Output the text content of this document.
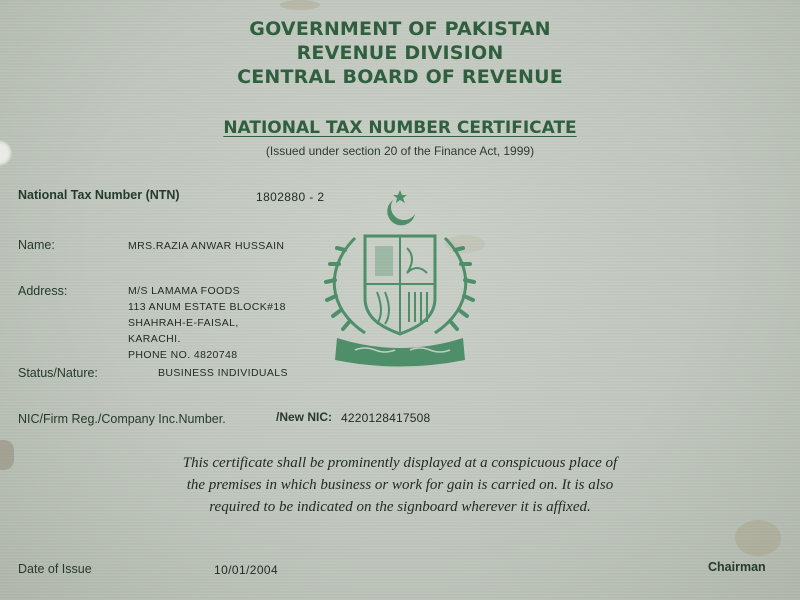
GOVERNMENT OF PAKISTAN
REVENUE DIVISION
CENTRAL BOARD OF REVENUE
NATIONAL TAX NUMBER CERTIFICATE
(Issued under section 20 of the Finance Act, 1999)
National Tax Number (NTN)	1802880 - 2
Name:	MRS.RAZIA ANWAR HUSSAIN
Address:	M/S LAMAMA FOODS
113 ANUM ESTATE BLOCK#18
SHAHRAH-E-FAISAL,
KARACHI.
PHONE NO. 4820748
Status/Nature:	BUSINESS INDIVIDUALS
NIC/Firm Reg./Company Inc.Number.	/New NIC: 4220128417508
This certificate shall be prominently displayed at a conspicuous place of
the premises in which business or work for gain is carried on. It is also
required to be indicated on the signboard wherever it is affixed.
Date of Issue	10/01/2004	Chairman
